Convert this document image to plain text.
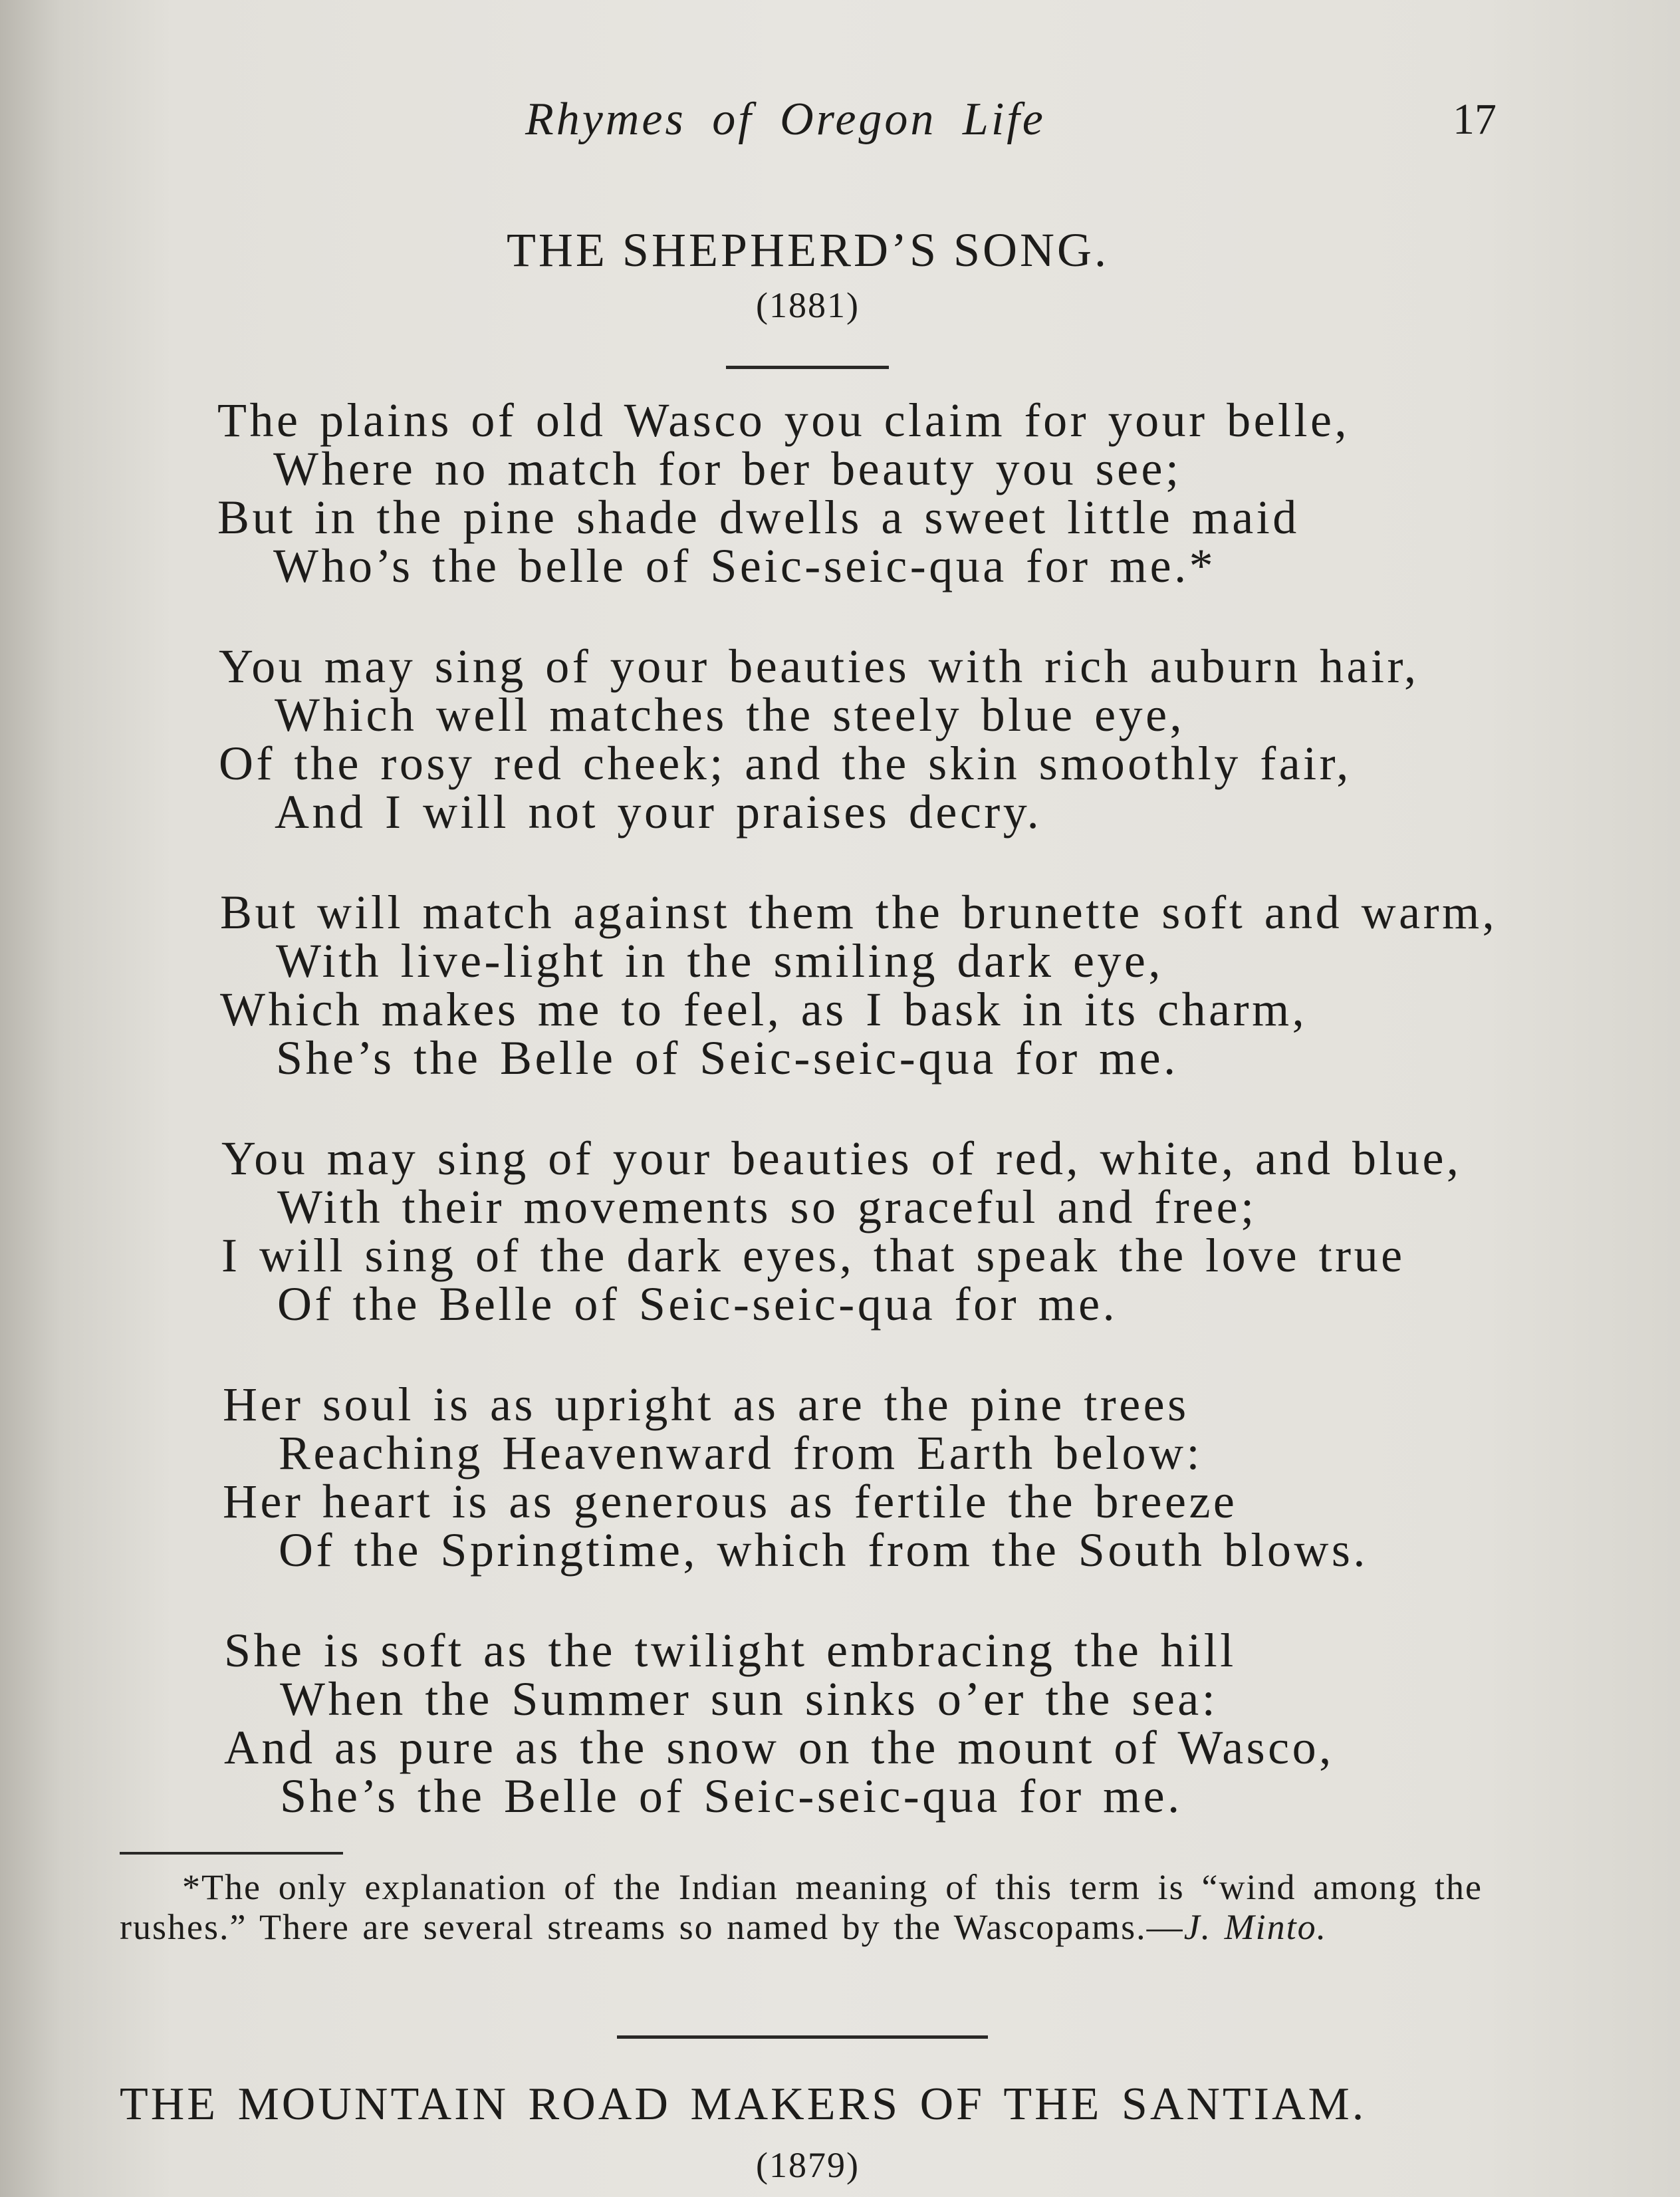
Rhymes of Oregon Life	17
THE SHEPHERD’S SONG.
(1881)
The plains of old Wasco you claim for your belle,
Where no match for ber beauty you see;
But in the pine shade dwells a sweet little maid
Who’s the belle of Seic-seic-qua for me.*
You may sing of your beauties with rich auburn hair,
Which well matches the steely blue eye,
Of the rosy red cheek; and the skin smoothly fair,
And I will not your praises decry.
But will match against them the brunette soft and warm,
With live-light in the smiling dark eye,
Which makes me to feel, as I bask in its charm,
She’s the Belle of Seic-seic-qua for me.
You may sing of your beauties of red, white, and blue,
With their movements so graceful and free;
I will sing of the dark eyes, that speak the love true
Of the Belle of Seic-seic-qua for me.
Her soul is as upright as are the pine trees
Reaching Heavenward from Earth below:
Her heart is as generous as fertile the breeze
Of the Springtime, which from the South blows.
She is soft as the twilight embracing the hill
When the Summer sun sinks o’er the sea:
And as pure as the snow on the mount of Wasco,
She’s the Belle of Seic-seic-qua for me.
*The only explanation of the Indian meaning of this term is “wind among the rushes.” There are several streams so named by the Wascopams.—J. Minto.
THE MOUNTAIN ROAD MAKERS OF THE SANTIAM.
(1879)
